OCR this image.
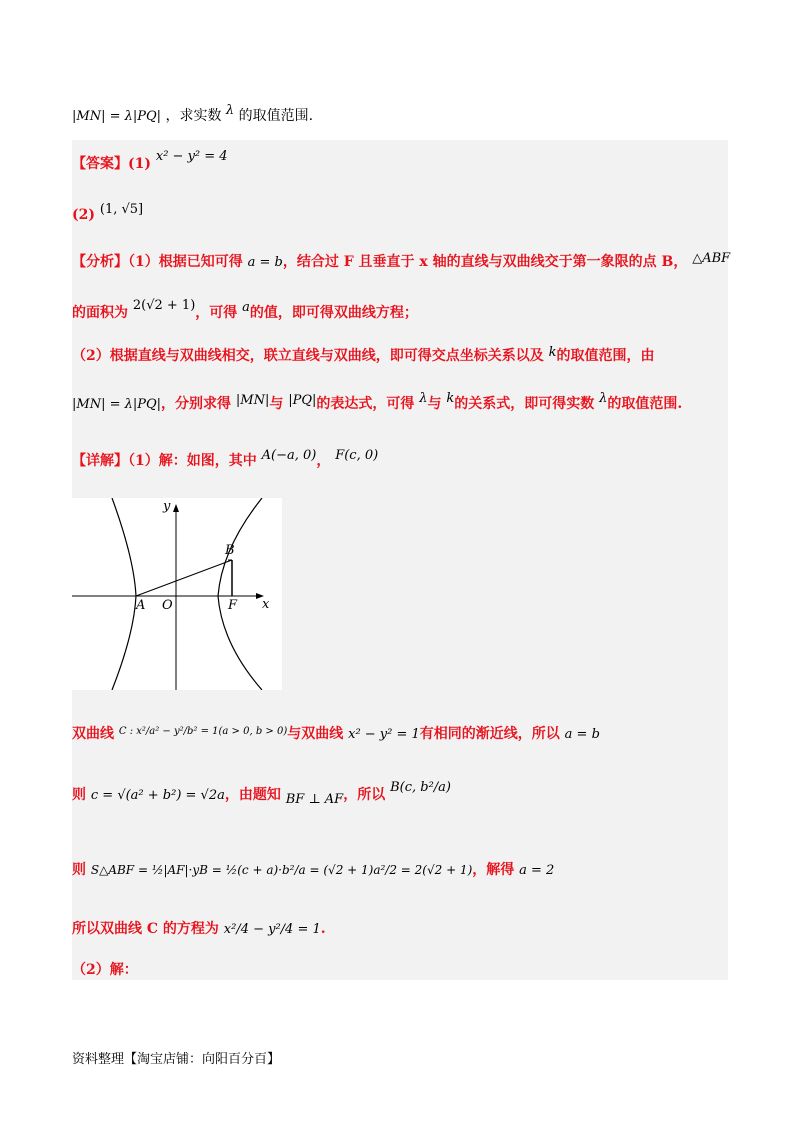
|MN| = λ|PQ| ，求实数 λ 的取值范围.
【答案】(1) x² − y² = 4
(2) (1, √5]
【分析】（1）根据已知可得 a = b，结合过 F 且垂直于 x 轴的直线与双曲线交于第一象限的点 B， △ABF
的面积为 2(√2 + 1)，可得 a的值，即可得双曲线方程；
（2）根据直线与双曲线相交，联立直线与双曲线，即可得交点坐标关系以及 k的取值范围，由
|MN| = λ|PQ|，分别求得 |MN|与 |PQ|的表达式，可得 λ与 k的关系式，即可得实数 λ的取值范围.
【详解】（1）解：如图，其中 A(−a, 0)， F(c, 0)
y
x
A O	F
B
双曲线 $^{C : x^2/a^2 - y^2/b^2 = 1(a > 0, b > 0)}$与双曲线 x² − y² = 1有相同的渐近线，所以 a = b
则 c = √(a² + b²) = √2a，由题知 BF ⊥ AF，所以 B(c, b²/a)
则 S△ABF = ½|AF|·yB = ½(c + a)·b²/a = (√2 + 1)a²/2 = 2(√2 + 1)，解得 a = 2
所以双曲线 C 的方程为 x²/4 − y²/4 = 1.
（2）解：
资料整理【淘宝店铺：向阳百分百】
